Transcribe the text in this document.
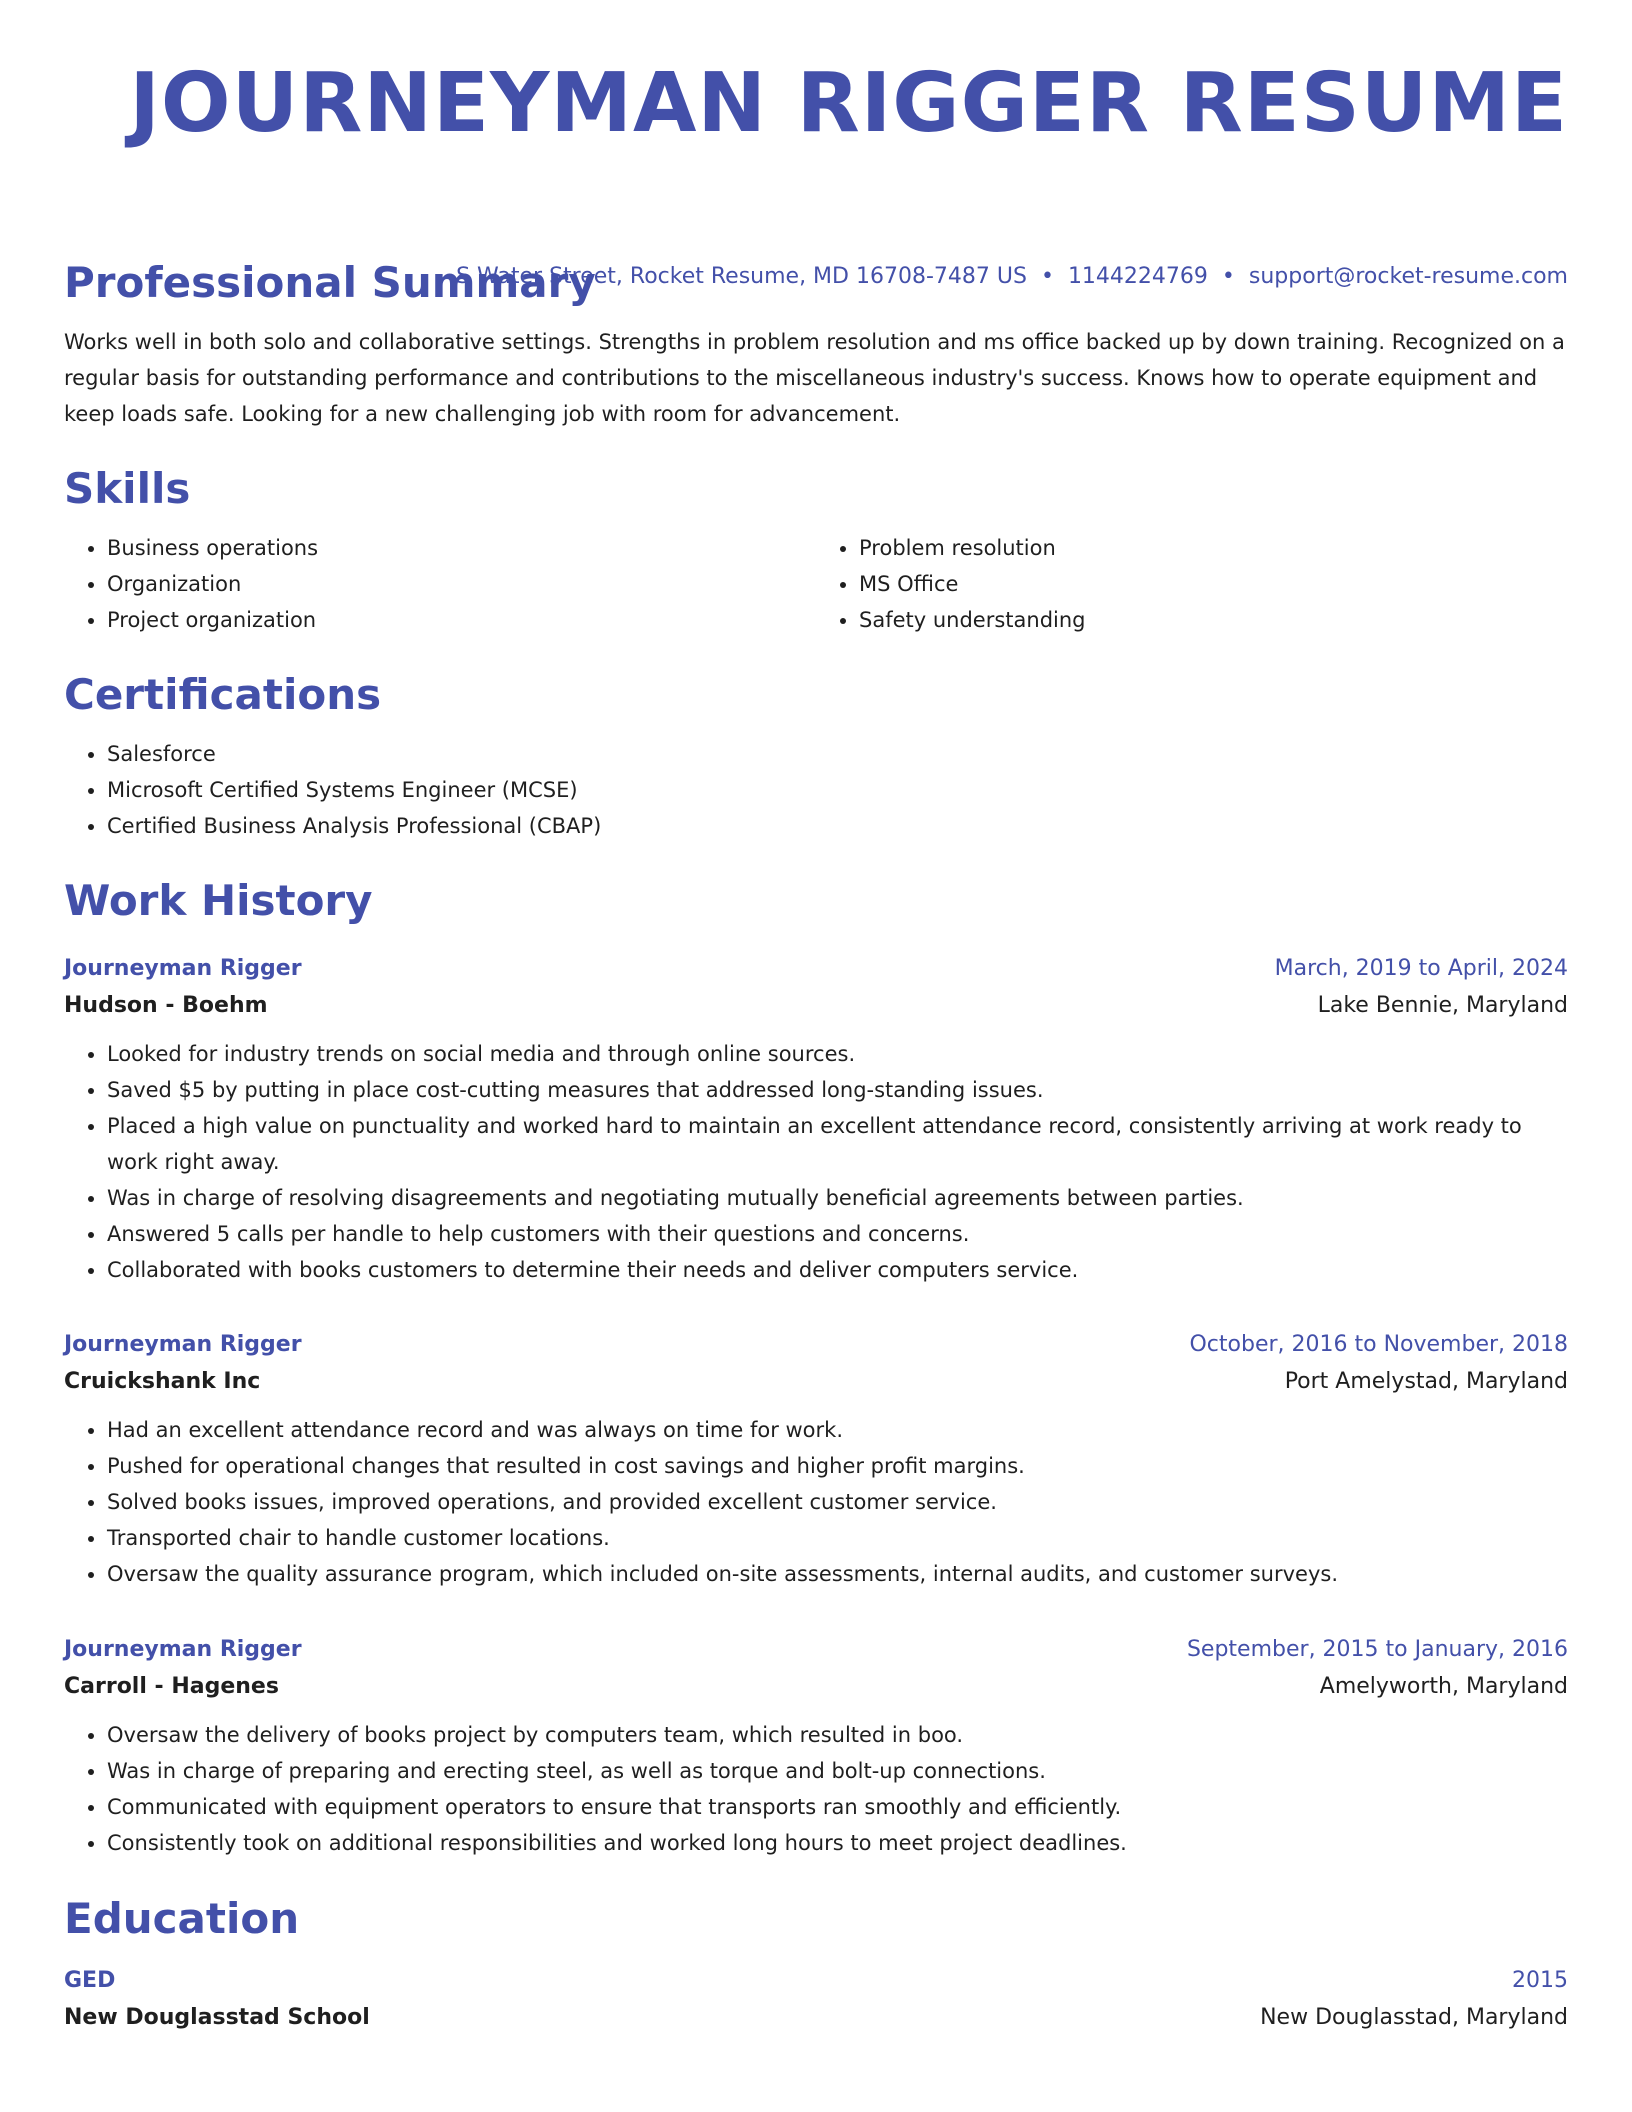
JOURNEYMAN RIGGER RESUME
S Water Street, Rocket Resume, MD 16708-7487 US • 1144224769 • support@rocket-resume.com
Professional Summary

Works well in both solo and collaborative settings. Strengths in problem resolution and ms office backed up by down training. Recognized on a regular basis for outstanding performance and contributions to the miscellaneous industry's success. Knows how to operate equipment and keep loads safe. Looking for a new challenging job with room for advancement.

Skills
• Business operations
• Organization
• Project organization
• Problem resolution
• MS Office
• Safety understanding
Certifications
• Salesforce
• Microsoft Certified Systems Engineer (MCSE)
• Certified Business Analysis Professional (CBAP)
Work History
Journeyman Rigger	March, 2019 to April, 2024
Hudson - Boehm	Lake Bennie, Maryland
• Looked for industry trends on social media and through online sources.
• Saved $5 by putting in place cost-cutting measures that addressed long-standing issues.
• Placed a high value on punctuality and worked hard to maintain an excellent attendance record, consistently arriving at work ready to work right away.
• Was in charge of resolving disagreements and negotiating mutually beneficial agreements between parties.
• Answered 5 calls per handle to help customers with their questions and concerns.
• Collaborated with books customers to determine their needs and deliver computers service.
Journeyman Rigger	October, 2016 to November, 2018
Cruickshank Inc	Port Amelystad, Maryland
• Had an excellent attendance record and was always on time for work.
• Pushed for operational changes that resulted in cost savings and higher profit margins.
• Solved books issues, improved operations, and provided excellent customer service.
• Transported chair to handle customer locations.
• Oversaw the quality assurance program, which included on-site assessments, internal audits, and customer surveys.
Journeyman Rigger	September, 2015 to January, 2016
Carroll - Hagenes	Amelyworth, Maryland
• Oversaw the delivery of books project by computers team, which resulted in boo.
• Was in charge of preparing and erecting steel, as well as torque and bolt-up connections.
• Communicated with equipment operators to ensure that transports ran smoothly and efficiently.
• Consistently took on additional responsibilities and worked long hours to meet project deadlines.
Education
GED	2015
New Douglasstad School	New Douglasstad, Maryland
